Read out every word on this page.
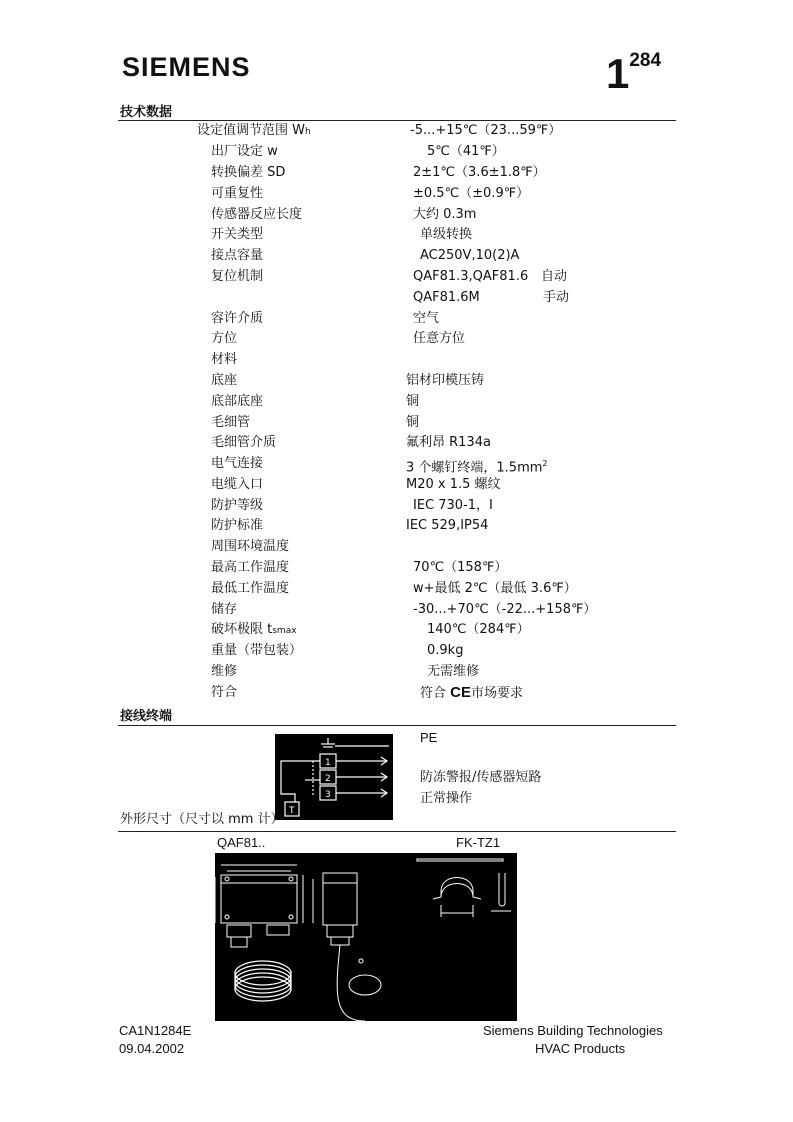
SIEMENS	1284
技术数据
设定值调节范围 Wh	-5...+15℃（23...59℉）
出厂设定 w	5℃（41℉）
转换偏差 SD	2±1℃（3.6±1.8℉）
可重复性	±0.5℃（±0.9℉）
传感器反应长度	大约 0.3m
开关类型	单级转换
接点容量	AC250V,10(2)A
复位机制	QAF81.3,QAF81.6 自动
QAF81.6M	手动
容许介质	空气
方位	任意方位
材料
底座	铝材印模压铸
底部底座	铜
毛细管	铜
毛细管介质	氟利昂 R134a
电气连接	3 个螺钉终端，$1.5mm^2$
电缆入口	M20 x 1.5 螺纹
防护等级	IEC 730-1，I
防护标准	IEC 529,IP54
周围环境温度
最高工作温度	70℃（158℉）
最低工作温度	w+最低 2℃（最低 3.6℉）
储存	-30...+70℃（-22...+158℉）
破坏极限 tsmax	140℃（284℉）
重量（带包装）	0.9kg
维修	无需维修
符合	符合 CE市场要求
接线终端
1
2
3
T
PE
防冻警报/传感器短路
正常操作
外形尺寸（尺寸以 mm 计）
QAF81..	FK-TZ1
CA1N1284E
09.04.2002
Siemens Building Technologies
HVAC Products
